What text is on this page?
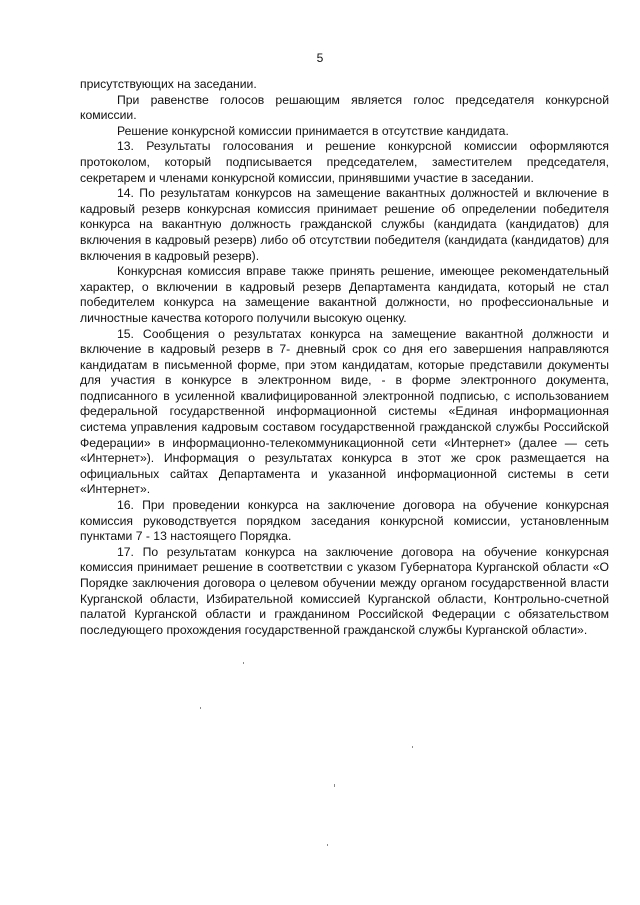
5

присутствующих на заседании.

При равенстве голосов решающим является голос председателя конкурсной комиссии.

Решение конкурсной комиссии принимается в отсутствие кандидата.

13. Результаты голосования и решение конкурсной комиссии оформляются протоколом, который подписывается председателем, заместителем председателя, секретарем и членами конкурсной комиссии, принявшими участие в заседании.

14. По результатам конкурсов на замещение вакантных должностей и включение в кадровый резерв конкурсная комиссия принимает решение об определении победителя конкурса на вакантную должность гражданской службы (кандидата (кандидатов) для включения в кадровый резерв) либо об отсутствии победителя (кандидата (кандидатов) для включения в кадровый резерв).

Конкурсная комиссия вправе также принять решение, имеющее рекомендательный характер, о включении в кадровый резерв Департамента кандидата, который не стал победителем конкурса на замещение вакантной должности, но профессиональные и личностные качества которого получили высокую оценку.

15. Сообщения о результатах конкурса на замещение вакантной должности и включение в кадровый резерв в 7- дневный срок со дня его завершения направляются кандидатам в письменной форме, при этом кандидатам, которые представили документы для участия в конкурсе в электронном виде, - в форме электронного документа, подписанного в усиленной квалифицированной электронной подписью, с использованием федеральной государственной информационной системы «Единая информационная система управления кадровым составом государственной гражданской службы Российской Федерации» в информационно-телекоммуникационной сети «Интернет» (далее — сеть «Интернет»). Информация о результатах конкурса в этот же срок размещается на официальных сайтах Департамента и указанной информационной системы в сети «Интернет».

16. При проведении конкурса на заключение договора на обучение конкурсная комиссия руководствуется порядком заседания конкурсной комиссии, установленным пунктами 7 - 13 настоящего Порядка.

17. По результатам конкурса на заключение договора на обучение конкурсная комиссия принимает решение в соответствии с указом Губернатора Курганской области «О Порядке заключения договора о целевом обучении между органом государственной власти Курганской области, Избирательной комиссией Курганской области, Контрольно-счетной палатой Курганской области и гражданином Российской Федерации с обязательством последующего прохождения государственной гражданской службы Курганской области».
